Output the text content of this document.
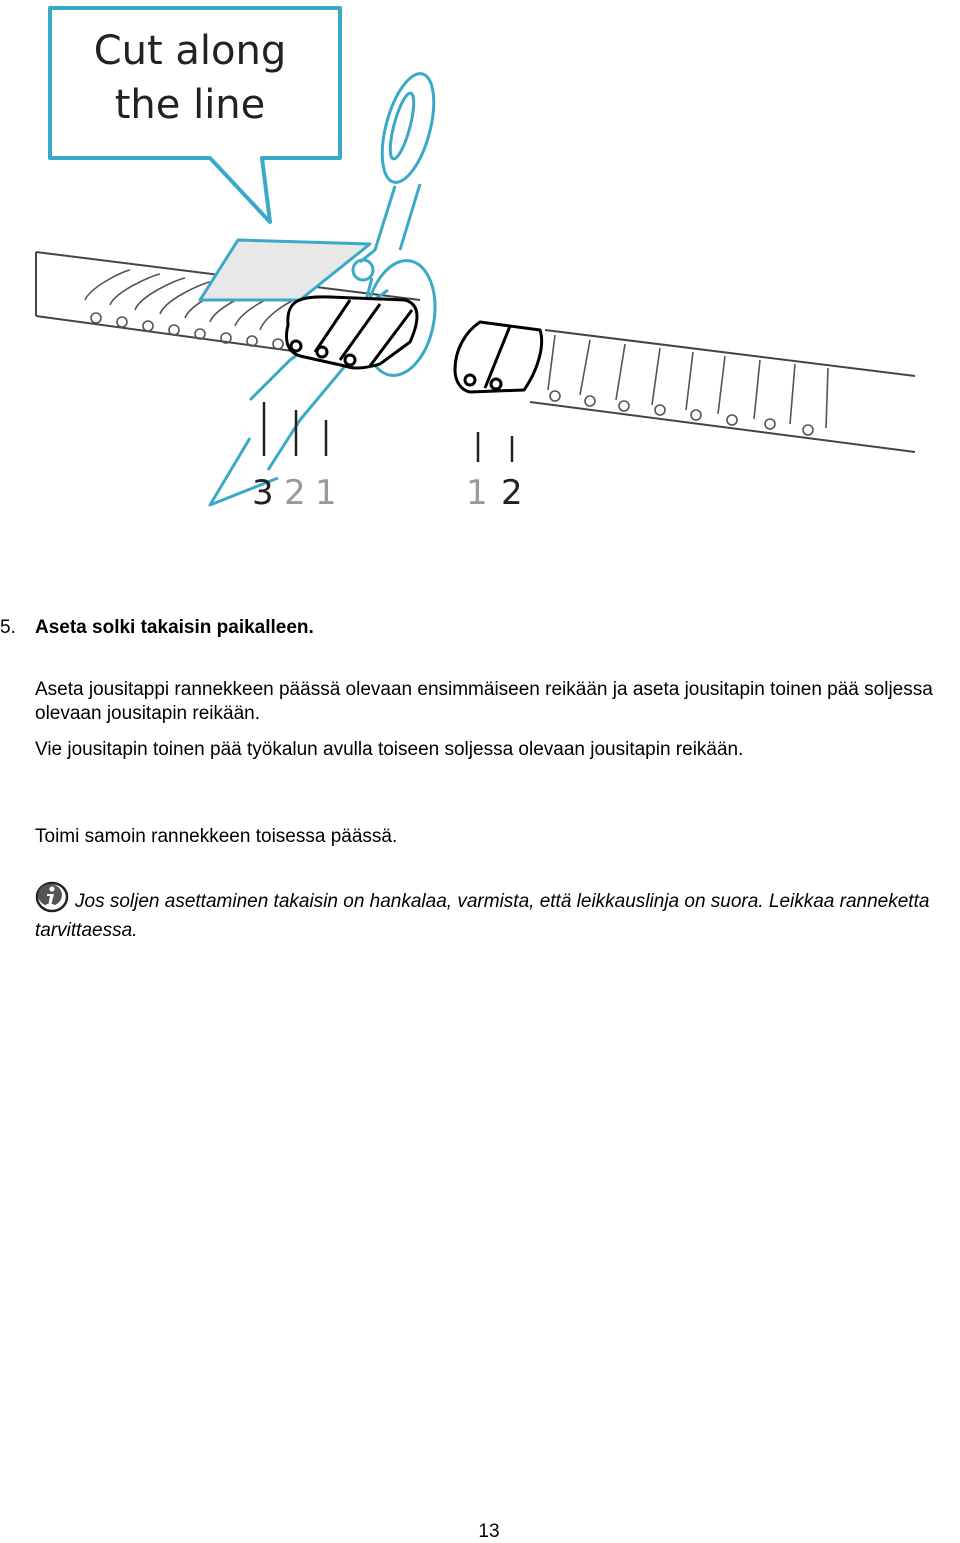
3 2 1	1 2
Cut along
the line
5. Aseta solki takaisin paikalleen.
Aseta jousitappi rannekkeen päässä olevaan ensimmäiseen reikään ja aseta jousitapin toinen pää soljessa olevaan jousitapin reikään.
Vie jousitapin toinen pää työkalun avulla toiseen soljessa olevaan jousitapin reikään.
Toimi samoin rannekkeen toisessa päässä.
Jos soljen asettaminen takaisin on hankalaa, varmista, että leikkauslinja on suora. Leikkaa ranneketta tarvittaessa.
13
